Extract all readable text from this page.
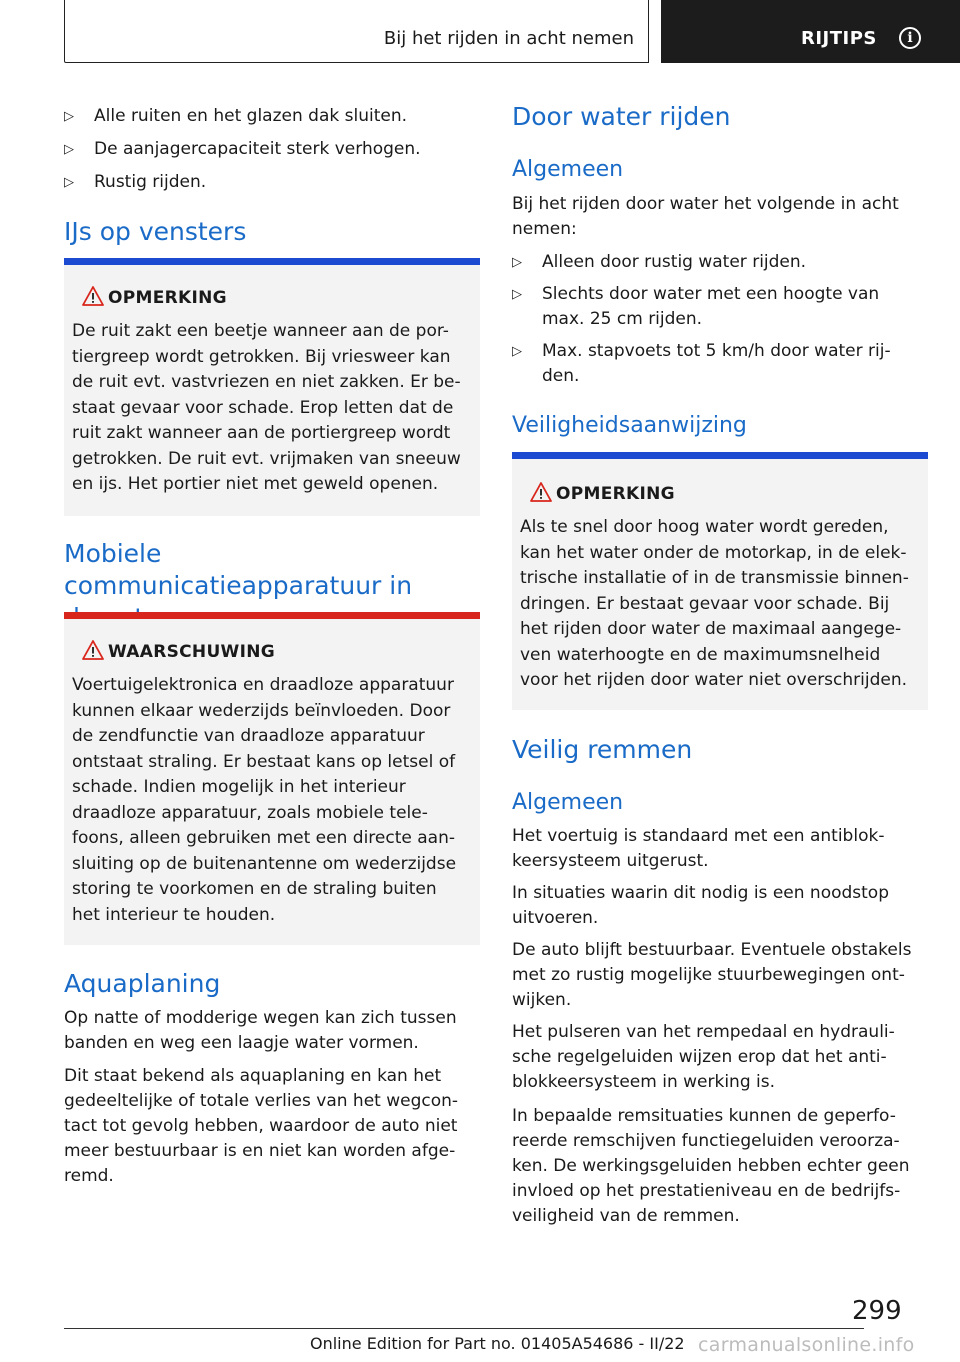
Bij het rijden in acht nemen	RIJTIPS	i
▷ Alle ruiten en het glazen dak sluiten.
▷ De aanjagercapaciteit sterk verhogen.
▷ Rustig rijden.
IJs op vensters
OPMERKING
De ruit zakt een beetje wanneer aan de por-
tiergreep wordt getrokken. Bij vriesweer kan
de ruit evt. vastvriezen en niet zakken. Er be-
staat gevaar voor schade. Erop letten dat de
ruit zakt wanneer aan de portiergreep wordt
getrokken. De ruit evt. vrijmaken van sneeuw
en ijs. Het portier niet met geweld openen.
Mobiele communicatieapparatuur in
WAARSCHUWING
Voertuigelektronica en draadloze apparatuur
kunnen elkaar wederzijds beïnvloeden. Door
de zendfunctie van draadloze apparatuur
ontstaat straling. Er bestaat kans op letsel of
schade. Indien mogelijk in het interieur
draadloze apparatuur, zoals mobiele tele-
foons, alleen gebruiken met een directe aan-
sluiting op de buitenantenne om wederzijdse
storing te voorkomen en de straling buiten
het interieur te houden.
Aquaplaning
Op natte of modderige wegen kan zich tussen
banden en weg een laagje water vormen.
Dit staat bekend als aquaplaning en kan het
gedeeltelijke of totale verlies van het wegcon-
tact tot gevolg hebben, waardoor de auto niet
meer bestuurbaar is en niet kan worden afge-
remd.
Door water rijden
Algemeen
Bij het rijden door water het volgende in acht
nemen:
▷ Alleen door rustig water rijden.
▷ Slechts door water met een hoogte van
max. 25 cm rijden.
▷ Max. stapvoets tot 5 km/h door water rij-
den.
Veiligheidsaanwijzing
OPMERKING
Als te snel door hoog water wordt gereden,
kan het water onder de motorkap, in de elek-
trische installatie of in de transmissie binnen-
dringen. Er bestaat gevaar voor schade. Bij
het rijden door water de maximaal aangege-
ven waterhoogte en de maximumsnelheid
voor het rijden door water niet overschrijden.
Veilig remmen
Algemeen
Het voertuig is standaard met een antiblok-
keersysteem uitgerust.
In situaties waarin dit nodig is een noodstop
uitvoeren.
De auto blijft bestuurbaar. Eventuele obstakels
met zo rustig mogelijke stuurbewegingen ont-
wijken.
Het pulseren van het rempedaal en hydrauli-
sche regelgeluiden wijzen erop dat het anti-
blokkeersysteem in werking is.
In bepaalde remsituaties kunnen de geperfo-
reerde remschijven functiegeluiden veroorza-
ken. De werkingsgeluiden hebben echter geen
invloed op het prestatieniveau en de bedrijfs-
veiligheid van de remmen.
299
Online Edition for Part no. 01405A54686 - II/22 carmanualsonline.info
